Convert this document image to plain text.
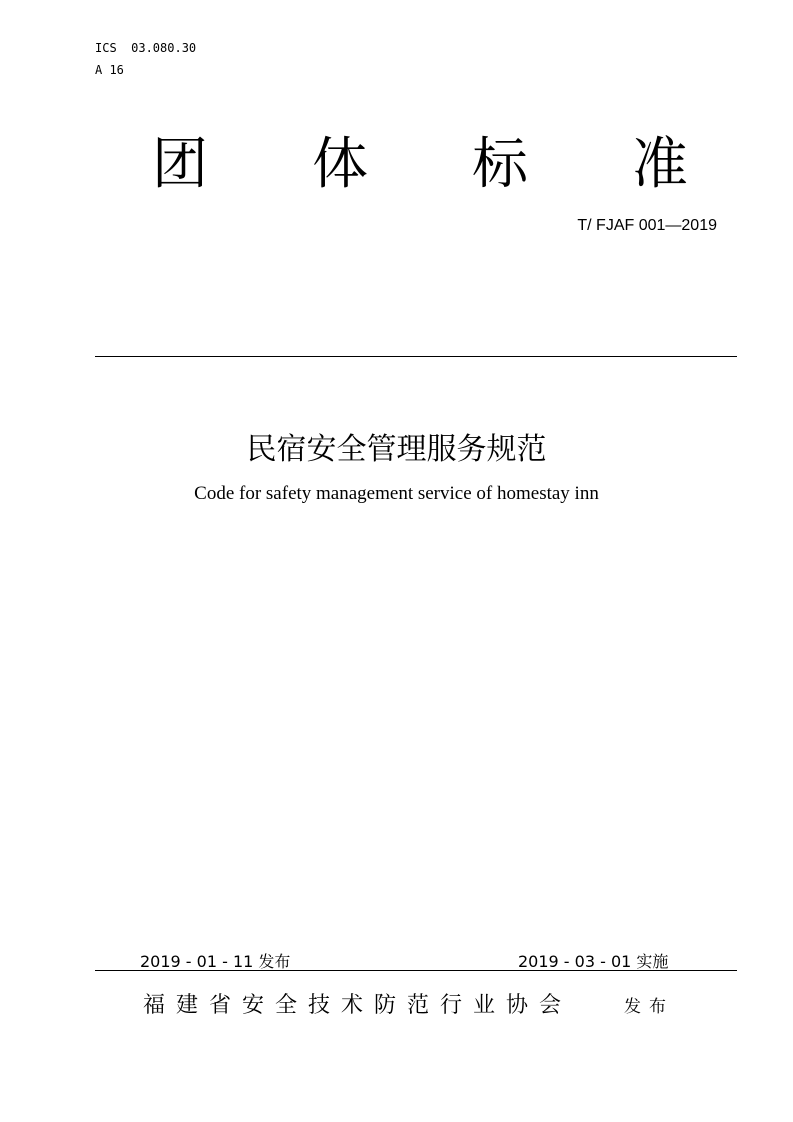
ICS  03.080.30
A 16
团 体 标 准
T/ FJAF 001—2019
民宿安全管理服务规范
Code for safety management service of homestay inn
2019 - 01 - 11 发布	2019 - 03 - 01 实施
福建省安全技术防范行业协会	发布
